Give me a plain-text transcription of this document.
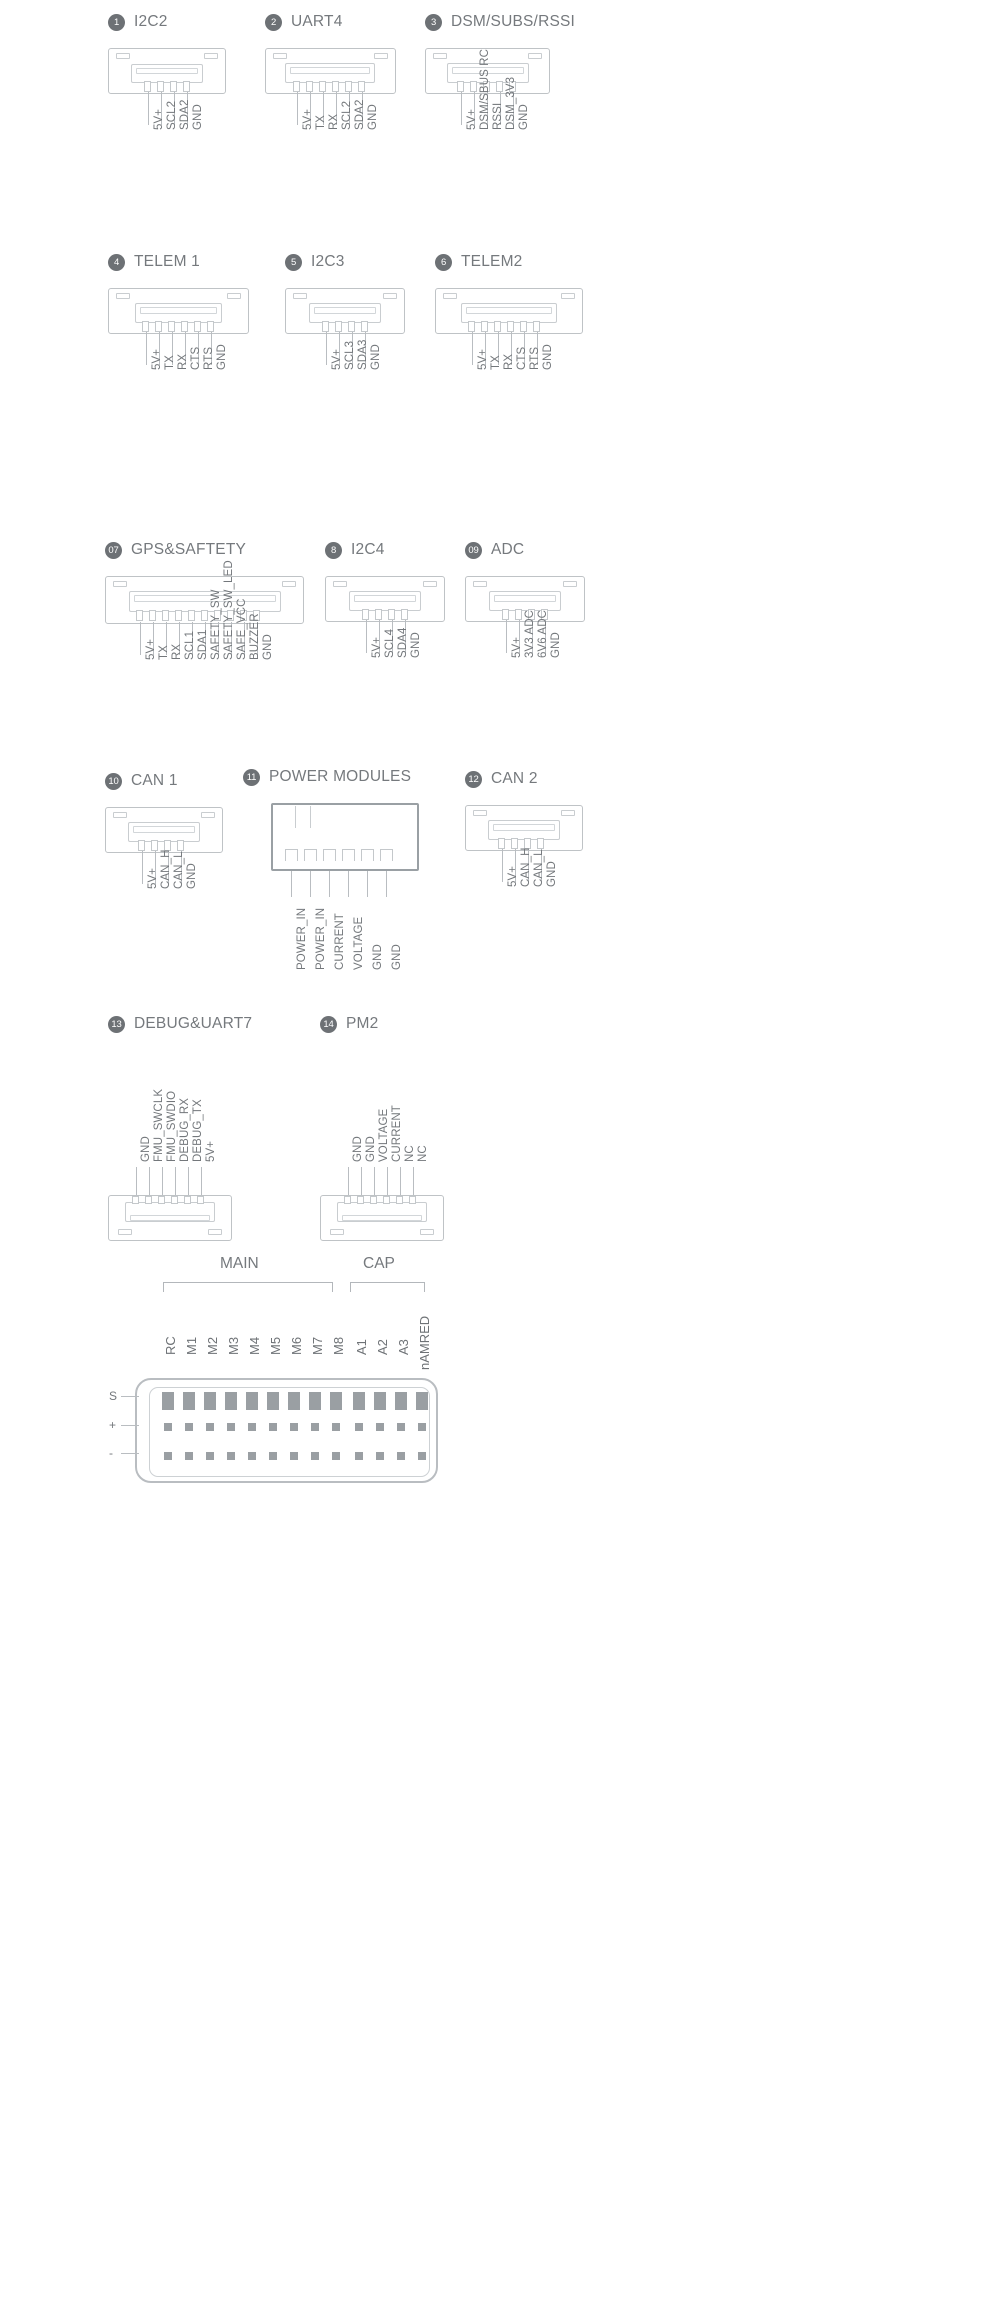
1 I2C2
5V+ SCL2 SDA2 GND
2 UART4
5V+ TX RX SCL2 SDA2 GND
3 DSM/SUBS/RSSI
5V+ DSM/SBUS RC RSSI DSM_3V3 GND
4 TELEM 1
5V+ TX RX CTS RTS GND
5 I2C3
5V+ SCL3 SDA3 GND
6 TELEM2
5V+ TX RX CTS RTS GND
07 GPS&SAFTETY
5V+ TX RX SCL1 SDA1 SAFETY_SW SAFETY_SW_LED SAFE_VCC BUZZER GND
8 I2C4
5V+ SCL4 SDA4 GND
09 ADC
5V+ 3V3 ADC 6V6 ADC GND
10 CAN 1
5V+ CAN_H CAN_L GND
11 POWER MODULES
POWER_IN POWER_IN CURRENT VOLTAGE GND GND
12 CAN 2
5V+ CAN_H CAN_L GND
13 DEBUG&UART7
GND FMU_SWCLK FMU_SWDIO DEBUG_RX DEBUG_TX 5V+
14 PM2
GND GND VOLTAGE CURRENT NC NC
MAIN	CAP
RC M1 M2 M3 M4 M5 M6 M7 M8 A1 A2 A3 nAMRED
S
+
-
